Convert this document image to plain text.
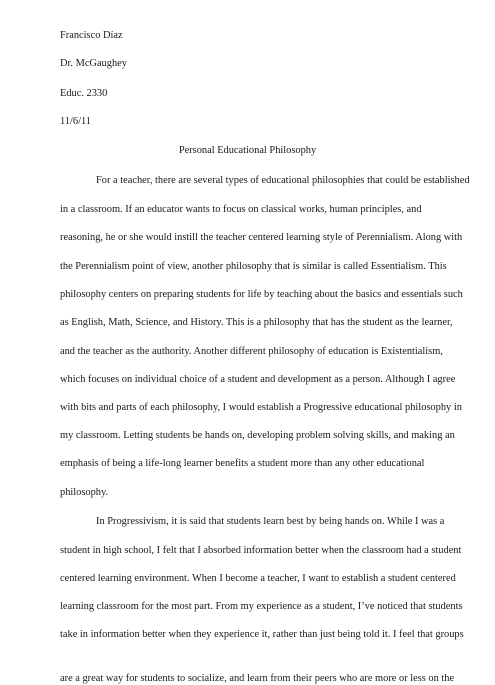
Francisco Díaz
Dr. McGaughey
Educ. 2330
11/6/11
Personal Educational Philosophy
For a teacher, there are several types of educational philosophies that could be established
in a classroom. If an educator wants to focus on classical works, human principles, and
reasoning, he or she would instill the teacher centered learning style of Perennialism. Along with
the Perennialism point of view, another philosophy that is similar is called Essentialism. This
philosophy centers on preparing students for life by teaching about the basics and essentials such
as English, Math, Science, and History. This is a philosophy that has the student as the learner,
and the teacher as the authority. Another different philosophy of education is Existentialism,
which focuses on individual choice of a student and development as a person. Although I agree
with bits and parts of each philosophy, I would establish a Progressive educational philosophy in
my classroom. Letting students be hands on, developing problem solving skills, and making an
emphasis of being a life-long learner benefits a student more than any other educational
philosophy.
In Progressivism, it is said that students learn best by being hands on. While I was a
student in high school, I felt that I absorbed information better when the classroom had a student
centered learning environment. When I become a teacher, I want to establish a student centered
learning classroom for the most part. From my experience as a student, I’ve noticed that students
take in information better when they experience it, rather than just being told it. I feel that groups
are a great way for students to socialize, and learn from their peers who are more or less on the
